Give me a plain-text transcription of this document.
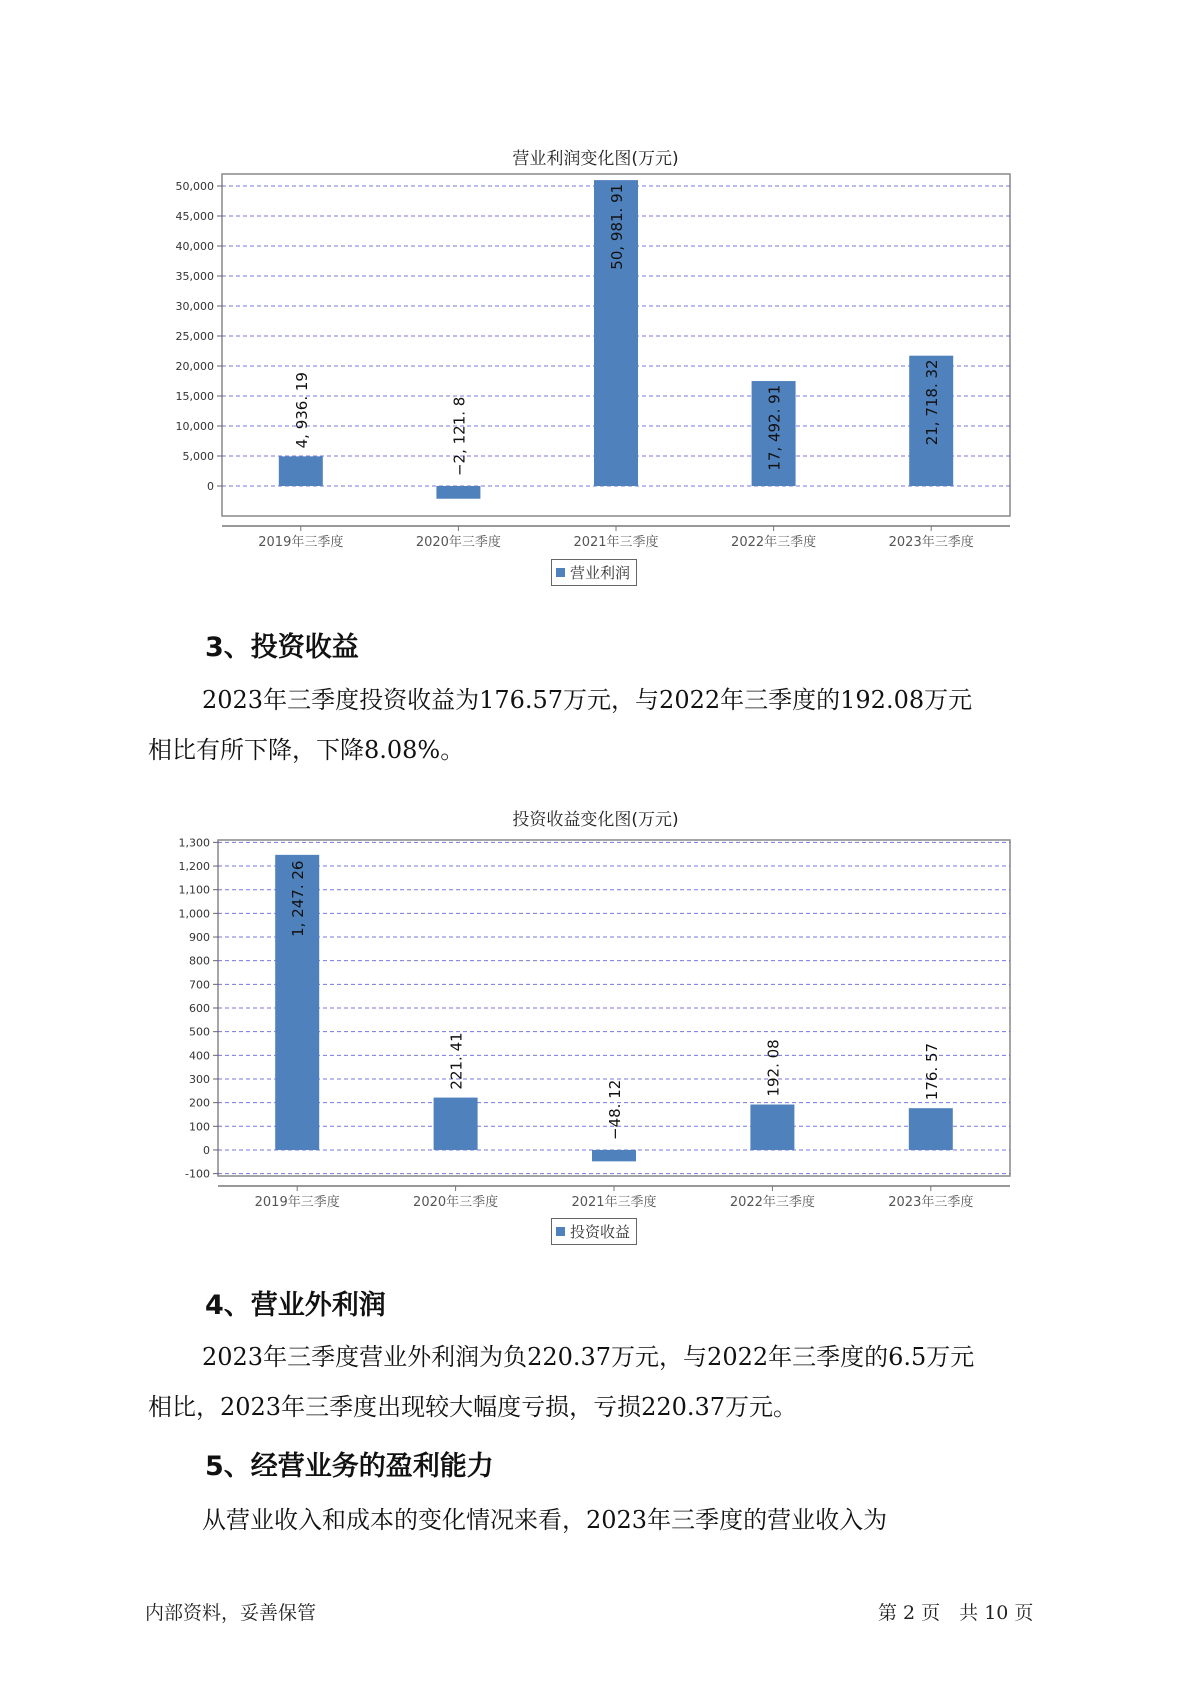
营业利润变化图(万元)
0
5,000
10,000
15,000
20,000
25,000
30,000
35,000
40,000
45,000
50,000
2019年三季度
4, 936. 19
2020年三季度
−2, 121. 8
2021年三季度
50, 981. 91
2022年三季度
17, 492. 91
2023年三季度
21, 718. 32
营业利润
3、投资收益
2023年三季度投资收益为176.57万元，与2022年三季度的192.08万元
相比有所下降，下降8.08%。
投资收益变化图(万元)
-100
0
100
200
300
400
500
600
700
800
900
1,000
1,100
1,200
1,300
2019年三季度
1, 247. 26
2020年三季度
221. 41
2021年三季度
−48. 12
2022年三季度
192. 08
2023年三季度
176. 57
投资收益
4、营业外利润
2023年三季度营业外利润为负220.37万元，与2022年三季度的6.5万元
相比，2023年三季度出现较大幅度亏损，亏损220.37万元。
5、经营业务的盈利能力
从营业收入和成本的变化情况来看，2023年三季度的营业收入为
内部资料，妥善保管	第 2 页　共 10 页
